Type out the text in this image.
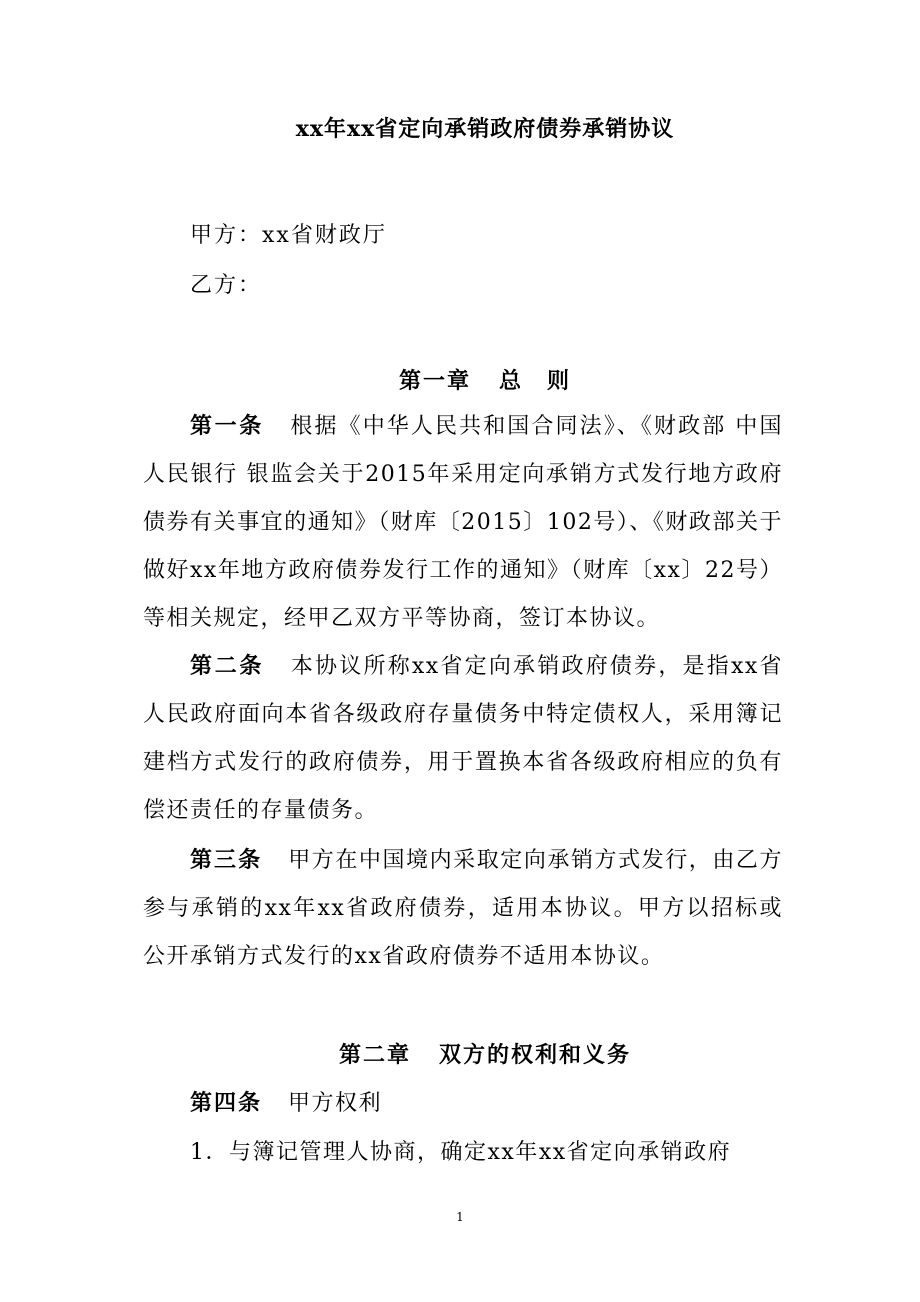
xx年xx省定向承销政府债券承销协议
甲方：xx省财政厅
乙方：
第一章 总　则
第一条 根据《中华人民共和国合同法》、《财政部 中国人民银行 银监会关于2015年采用定向承销方式发行地方政府债券有关事宜的通知》（财库〔2015〕102号）、《财政部关于做好xx年地方政府债券发行工作的通知》（财库〔xx〕22号）等相关规定，经甲乙双方平等协商，签订本协议。
第二条 本协议所称xx省定向承销政府债券，是指xx省人民政府面向本省各级政府存量债务中特定债权人，采用簿记建档方式发行的政府债券，用于置换本省各级政府相应的负有偿还责任的存量债务。
第三条 甲方在中国境内采取定向承销方式发行，由乙方参与承销的xx年xx省政府债券，适用本协议。甲方以招标或公开承销方式发行的xx省政府债券不适用本协议。
第二章 双方的权利和义务
第四条 甲方权利
1．与簿记管理人协商，确定xx年xx省定向承销政府
1
